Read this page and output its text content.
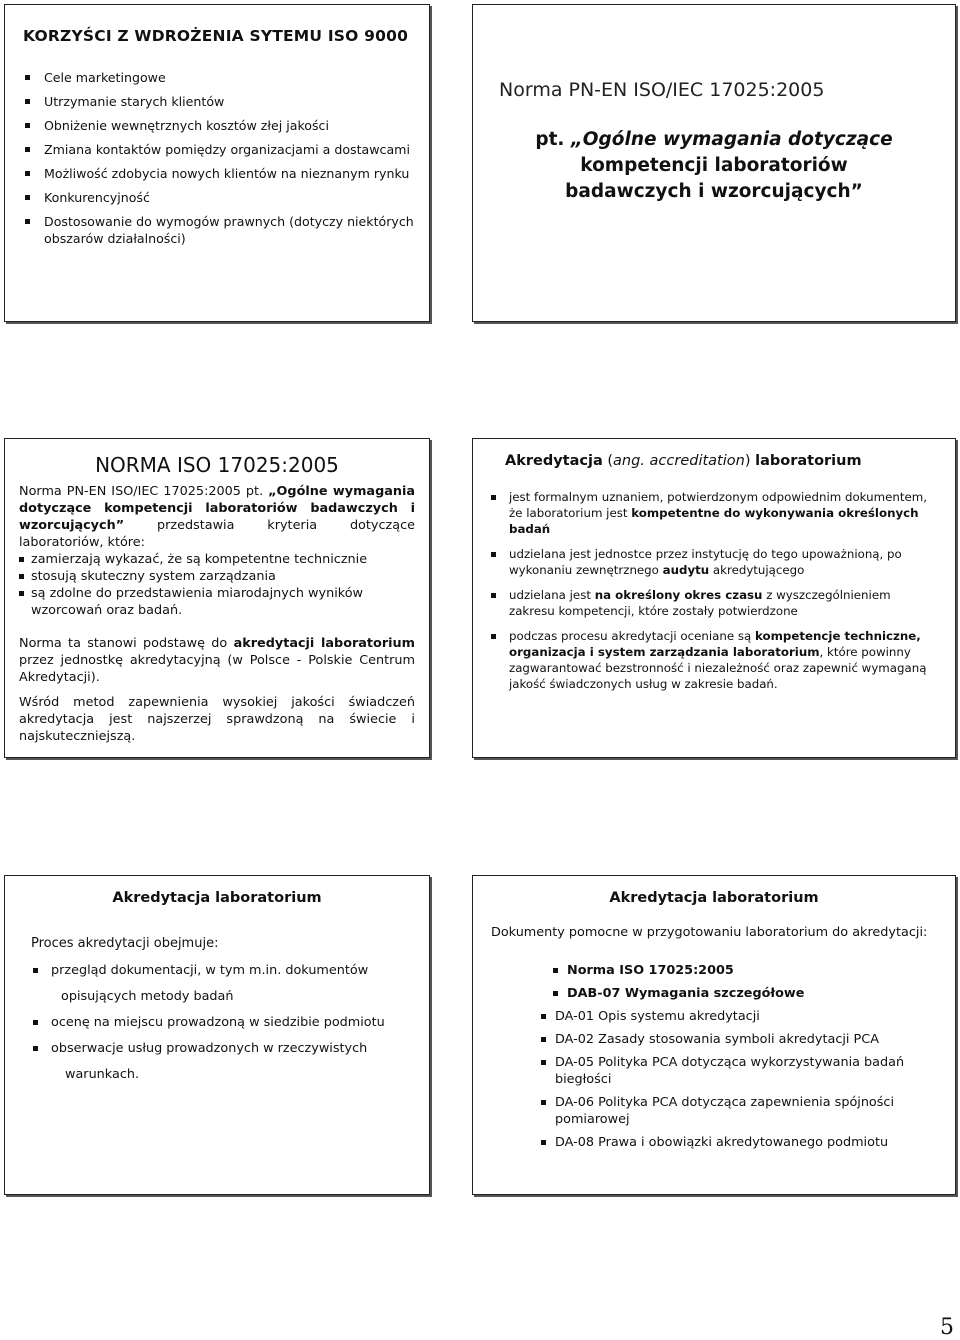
KORZYŚCI Z WDROŻENIA SYTEMU ISO 9000
Cele marketingowe
Utrzymanie starych klientów
Obniżenie wewnętrznych kosztów złej jakości
Zmiana kontaktów pomiędzy organizacjami a dostawcami
Możliwość zdobycia nowych klientów na nieznanym rynku
Konkurencyjność
Dostosowanie do wymogów prawnych (dotyczy niektórych obszarów działalności)
Norma PN-EN ISO/IEC 17025:2005
pt. „Ogólne wymagania dotyczące
kompetencji laboratoriów
badawczych i wzorcujących”
NORMA ISO 17025:2005

Norma PN-EN ISO/IEC 17025:2005 pt. „Ogólne wymagania dotyczące kompetencji laboratoriów badawczych i wzorcujących” przedstawia kryteria dotyczące laboratoriów, które:

zamierzają wykazać, że są kompetentne technicznie
stosują skuteczny system zarządzania
są zdolne do przedstawienia miarodajnych wyników wzorcowań oraz badań.

Norma ta stanowi podstawę do akredytacji laboratorium przez jednostkę akredytacyjną (w Polsce - Polskie Centrum Akredytacji).

Wśród metod zapewnienia wysokiej jakości świadczeń akredytacja jest najszerzej sprawdzoną na świecie i najskuteczniejszą.

Akredytacja (ang. accreditation) laboratorium
jest formalnym uznaniem, potwierdzonym odpowiednim dokumentem, że laboratorium jest kompetentne do wykonywania określonych badań
udzielana jest jednostce przez instytucję do tego upoważnioną, po wykonaniu zewnętrznego audytu akredytującego
udzielana jest na określony okres czasu z wyszczególnieniem zakresu kompetencji, które zostały potwierdzone
podczas procesu akredytacji oceniane są kompetencje techniczne, organizacja i system zarządzania laboratorium, które powinny zagwarantować bezstronność i niezależność oraz zapewnić wymaganą jakość świadczonych usług w zakresie badań.
Akredytacja laboratorium
Proces akredytacji obejmuje:
przegląd dokumentacji, w tym m.in. dokumentów
opisujących metody badań
ocenę na miejscu prowadzoną w siedzibie podmiotu
obserwacje usług prowadzonych w rzeczywistych
warunkach.
Akredytacja laboratorium
Dokumenty pomocne w przygotowaniu laboratorium do akredytacji:
Norma ISO 17025:2005
DAB-07 Wymagania szczegółowe
DA-01 Opis systemu akredytacji
DA-02 Zasady stosowania symboli akredytacji PCA
DA-05 Polityka PCA dotycząca wykorzystywania badań biegłości
DA-06 Polityka PCA dotycząca zapewnienia spójności pomiarowej
DA-08 Prawa i obowiązki akredytowanego podmiotu
5
